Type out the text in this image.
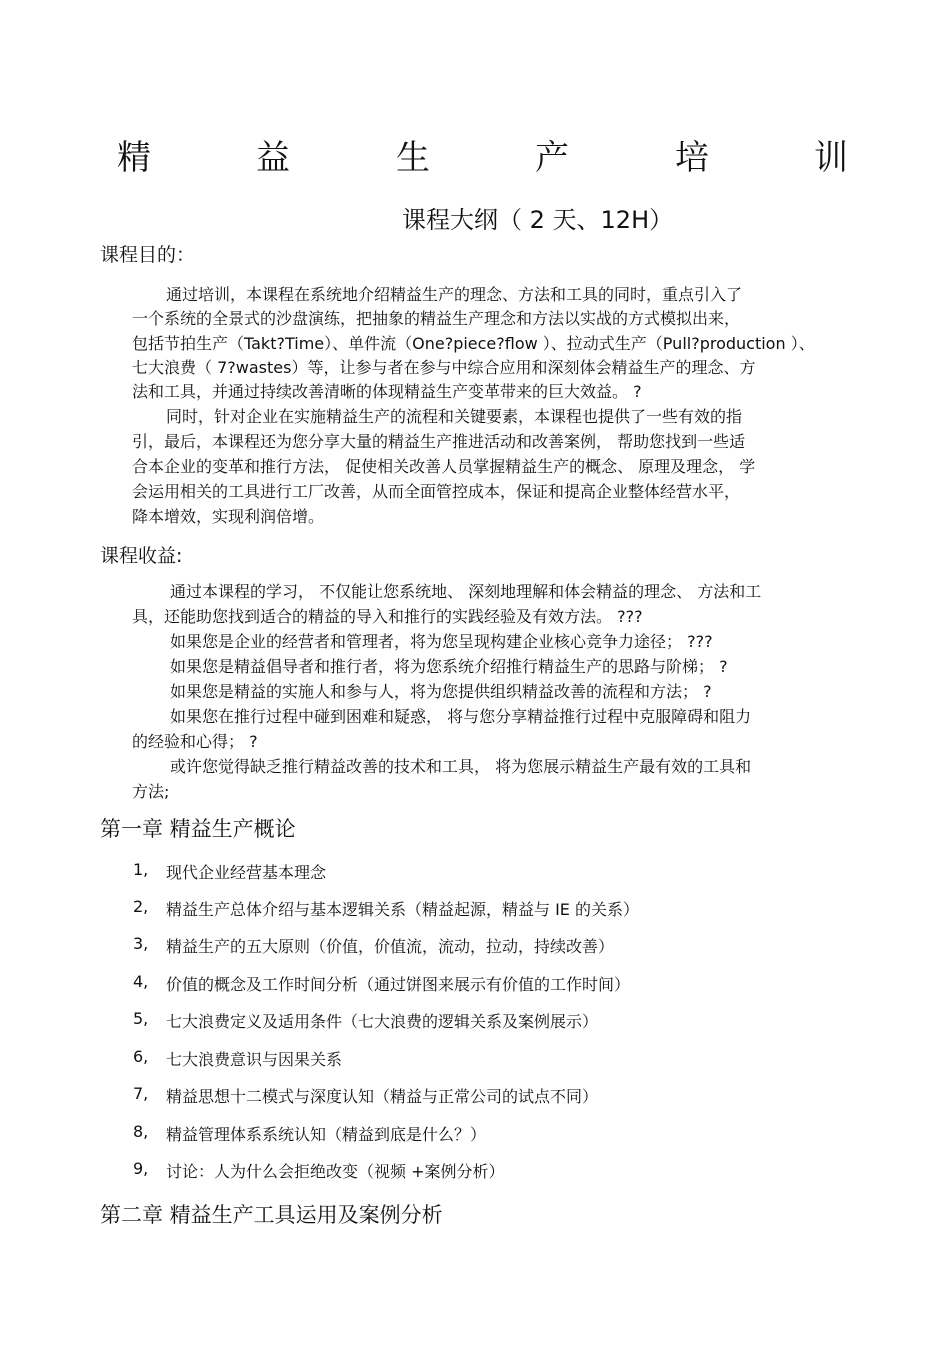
精	益	生	产	培	训
课程大纲（ 2 天、12H）
课程目的：
通过培训，本课程在系统地介绍精益生产的理念、方法和工具的同时，重点引入了
一个系统的全景式的沙盘演练，把抽象的精益生产理念和方法以实战的方式模拟出来，
包括节拍生产（Takt?Time）、单件流（One?piece?flow ）、拉动式生产（Pull?production ）、
七大浪费（ 7?wastes）等，让参与者在参与中综合应用和深刻体会精益生产的理念、方
法和工具，并通过持续改善清晰的体现精益生产变革带来的巨大效益。 ?
同时，针对企业在实施精益生产的流程和关键要素，本课程也提供了一些有效的指
引，最后，本课程还为您分享大量的精益生产推进活动和改善案例， 帮助您找到一些适
合本企业的变革和推行方法， 促使相关改善人员掌握精益生产的概念、 原理及理念， 学
会运用相关的工具进行工厂改善，从而全面管控成本，保证和提高企业整体经营水平，
降本增效，实现利润倍增。
课程收益:
通过本课程的学习， 不仅能让您系统地、 深刻地理解和体会精益的理念、 方法和工
具，还能助您找到适合的精益的导入和推行的实践经验及有效方法。 ???
如果您是企业的经营者和管理者，将为您呈现构建企业核心竞争力途径； ???
如果您是精益倡导者和推行者，将为您系统介绍推行精益生产的思路与阶梯； ?
如果您是精益的实施人和参与人，将为您提供组织精益改善的流程和方法； ?
如果您在推行过程中碰到困难和疑惑， 将与您分享精益推行过程中克服障碍和阻力
的经验和心得； ?
或许您觉得缺乏推行精益改善的技术和工具， 将为您展示精益生产最有效的工具和
方法;
第一章 精益生产概论
1, 现代企业经营基本理念
2, 精益生产总体介绍与基本逻辑关系（精益起源，精益与 IE 的关系）
3, 精益生产的五大原则（价值，价值流，流动，拉动，持续改善）
4, 价值的概念及工作时间分析（通过饼图来展示有价值的工作时间）
5, 七大浪费定义及适用条件（七大浪费的逻辑关系及案例展示）
6, 七大浪费意识与因果关系
7, 精益思想十二模式与深度认知（精益与正常公司的试点不同）
8, 精益管理体系系统认知（精益到底是什么？）
9, 讨论：人为什么会拒绝改变（视频 +案例分析）
第二章 精益生产工具运用及案例分析
